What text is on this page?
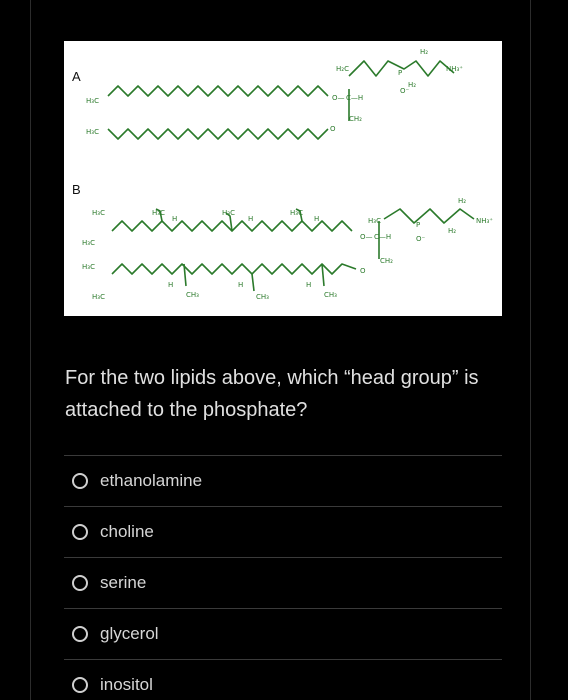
H₃C
H₃C
H₂C
O— C—H
CH₂
O
P
O⁻
H₂
H₂
NH₃⁺
H₃C
H₃C
H₃C
H₃C
H₃C
H
H₃C
H
H₃C
H
H
CH₃
H
CH₃
H
CH₃
H₃C
O— C—H
CH₂
O
P
O⁻
H₂
H₂
NH₃⁺
A
B
For the two lipids above, which “head group” is attached to the phosphate?
ethanolamine
choline
serine
glycerol
inositol
